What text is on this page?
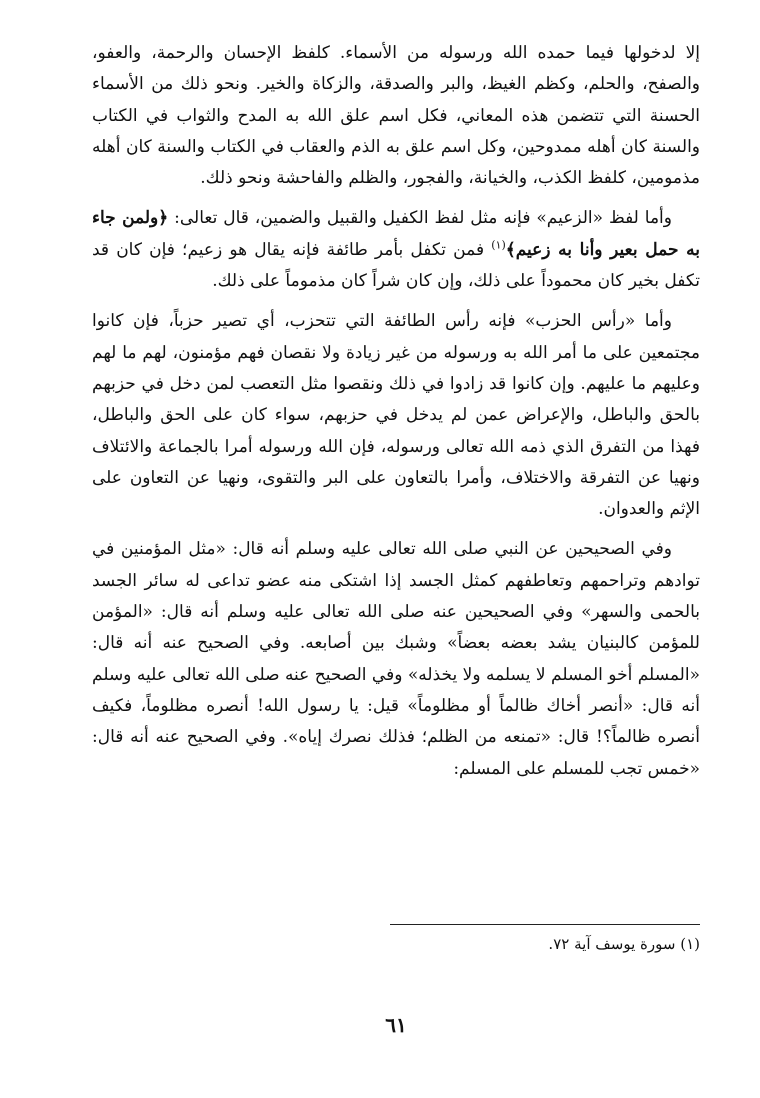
إلا لدخولها فيما حمده الله ورسوله من الأسماء. كلفظ الإحسان والرحمة، والعفو، والصفح، والحلم، وكظم الغيظ، والبر والصدقة، والزكاة والخير. ونحو ذلك من الأسماء الحسنة التي تتضمن هذه المعاني، فكل اسم علق الله به المدح والثواب في الكتاب والسنة كان أهله ممدوحين، وكل اسم علق به الذم والعقاب في الكتاب والسنة كان أهله مذمومين، كلفظ الكذب، والخيانة، والفجور، والظلم والفاحشة ونحو ذلك.

وأما لفظ «الزعيم» فإنه مثل لفظ الكفيل والقبيل والضمين، قال تعالى: ﴿ولمن جاء به حمل بعير وأنا به زعيم﴾$^{(١)}$ فمن تكفل بأمر طائفة فإنه يقال هو زعيم؛ فإن كان قد تكفل بخير كان محموداً على ذلك، وإن كان شراً كان مذموماً على ذلك.

وأما «رأس الحزب» فإنه رأس الطائفة التي تتحزب، أي تصير حزباً، فإن كانوا مجتمعين على ما أمر الله به ورسوله من غير زيادة ولا نقصان فهم مؤمنون، لهم ما لهم وعليهم ما عليهم. وإن كانوا قد زادوا في ذلك ونقصوا مثل التعصب لمن دخل في حزبهم بالحق والباطل، والإعراض عمن لم يدخل في حزبهم، سواء كان على الحق والباطل، فهذا من التفرق الذي ذمه الله تعالى ورسوله، فإن الله ورسوله أمرا بالجماعة والائتلاف ونهيا عن التفرقة والاختلاف، وأمرا بالتعاون على البر والتقوى، ونهيا عن التعاون على الإثم والعدوان.

وفي الصحيحين عن النبي صلى الله تعالى عليه وسلم أنه قال: «مثل المؤمنين في توادهم وتراحمهم وتعاطفهم كمثل الجسد إذا اشتكى منه عضو تداعى له سائر الجسد بالحمى والسهر» وفي الصحيحين عنه صلى الله تعالى عليه وسلم أنه قال: «المؤمن للمؤمن كالبنيان يشد بعضه بعضاً» وشبك بين أصابعه. وفي الصحيح عنه أنه قال: «المسلم أخو المسلم لا يسلمه ولا يخذله» وفي الصحيح عنه صلى الله تعالى عليه وسلم أنه قال: «أنصر أخاك ظالماً أو مظلوماً» قيل: يا رسول الله! أنصره مظلوماً، فكيف أنصره ظالماً؟! قال: «تمنعه من الظلم؛ فذلك نصرك إياه». وفي الصحيح عنه أنه قال: «خمس تجب للمسلم على المسلم:

(١) سورة يوسف آية ٧٢.
٦١
